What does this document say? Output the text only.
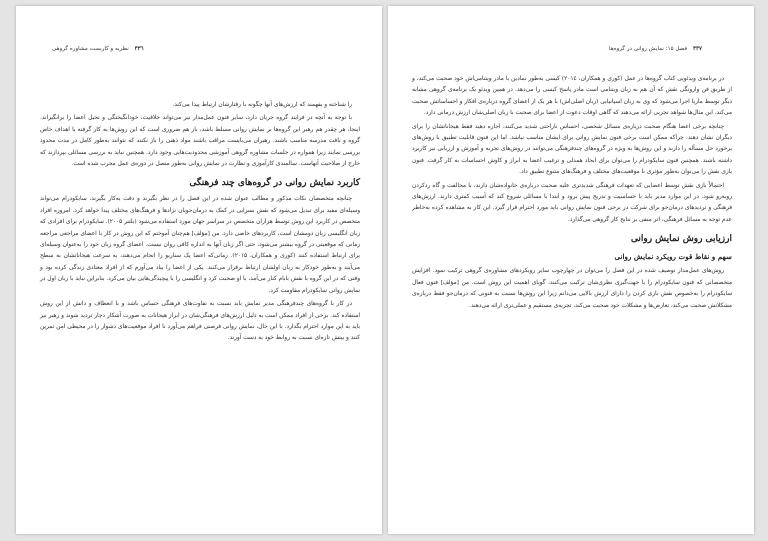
۳۳٦ نظریه و کاربست مشاوره گروهی

را شناخته و بفهمند که ارزش‌های آنها چگونه با رفتارشان ارتباط پیدا می‌کند.

با توجه به آنچه در فرایند گروه جریان دارد، سایر فنون عمل‌مدار نیز می‌تواند خلاقیت، خودانگیختگی و تخیل اعضا را برانگیزاند. اینجا، هر چقدر هم رهبر این گروه‌ها بر نمایش روانی مسلط باشد، باز هم ضروری است که این روش‌ها به کار گرفته یا اهداف خاص گروه و بافت مدرسه مناسب باشند. رهبران می‌بایست مراقب باشند مواد ذهنی را باز نکنند که نتوانند به‌طور کامل در مدت محدود بررسی نمایند زیرا همواره در جلسات مشاوره گروهی آموزشی محدودیت‌هایی وجود دارد. همچنین نباید به بررسی مسائلی بپردازند که خارج از صلاحیت آنهاست. سالمندی کارآموزی و نظارت در نمایش روانی به‌طور متصل در دوره‌ی عمل مجرب شده است.

کاربرد نمایش روانی در گروه‌های چند فرهنگی

چنانچه متخصصان نکات مذکور و مطالب عنوان شده در این فصل را در نظر بگیرند و دقت به‌کار بگیرند، سایکودرام می‌تواند وسیله‌ای مفید برای تبدیل می‌شود که نقش بسزایی در کمک به درمان‌جویان نژادها و فرهنگ‌های مختلف پیدا خواهد کرد. امروزه افراد متخصص در کاربرد این روش توسط هزاران متخصص در سراسر جهان مورد استفاده می‌شود (بلتنر ۲۰۰۵). سایکودرام برای افرادی که زبان انگلیسی زبان دومشان است، کاربردهای خاصی دارد. من [مؤلف] هم‌چنان آموختم که این روش در کار با اعضای مراجعی مراجعه زمانی که موقعیتی در گروه بیشتر می‌شود، حتی اگر زبان آنها به اندازه کافی روان نیست. اعضای گروه زبان خود را به‌عنوان وسیله‌ای برای ارتباط استفاده کنند (کوری و همکاران، ۲۰۱۵). زمانی‌که اعضا یک سناریو را انجام می‌دهند، به سرعت هیجاناتشان به سطح می‌آیند و به‌طور خودکار به زبان اولشان ارتباط برقرار می‌کنند. یکی از اعضا را بیاد می‌آورم که از افراد معتادی زندگی کرده بود و وقتی که در این گروه با نقش بابام کنار می‌آمد، با او صحبت کرد و انگلیسی را با پیچیدگی‌هایی بیان می‌کرد. بنابراین نباید با زبان اول در نمایش روانی سایکودرام مقاومت کرد.

در کار با گروه‌های چندفرهنگی مدیر نمایش باید نسبت به تفاوت‌های فرهنگی حساس باشد و با انعطاف و دانش از این روش استفاده کند. برخی از افراد ممکن است به دلیل ارزش‌های فرهنگی‌شان در ابراز هیجانات به صورت آشکار دچار تردید شوند و رهبر نیز باید به این موارد احترام بگذارد. با این حال، نمایش روانی فرصتی فراهم می‌آورد تا افراد موقعیت‌های دشوار را در محیطی امن تمرین کنند و بینش تازه‌ای نسبت به روابط خود به دست آورند.

۳۳۷ فصل ۱۵: نمایش روانی در گروه‌ها

در برنامه‌ی ویدئویی کتاب گروه‌ها در عمل (کوری و همکاران، ۲۰۱٤) کیسی به‌طور نمادین با مادر ویتنامی‌اش خود صحبت می‌کند، و از طریق فن وارونگی نقش که آن هم به زبان ویتنامی است مادر پاسخ کیسی را می‌دهد. در همین ویدئو یک برنامه‌ی گروهی مشابه دیگر توسط ماریا اجرا می‌شود که وی به زبان اسپانیایی (زبان اصلی‌اش) با هر یک از اعضای گروه درباره‌ی افکار و احساساتش صحبت می‌کند. این مثال‌ها شواهد تجربی ارائه می‌دهند که گاهی اوقات دعوت از اعضا برای صحبت با زبان اصلی‌شان ارزش درمانی دارد.

چنانچه برخی اعضا هنگام صحبت درباره‌ی مسائل شخصی، احساس ناراحتی شدید می‌کنند، اجازه دهید فقط هیجاناتشان را برای دیگران نشان دهند. چراکه ممکن است برخی فنون نمایش روانی برای ایشان مناسب نباشد. اما این فنون قابلیت تطبیق با روش‌های برخورد حل مسأله را دارند و این روش‌ها به ویژه در گروه‌های چندفرهنگی می‌توانند در روش‌های تجربه و آموزش و ارزیابی نیز کاربرد داشته باشند. همچنین فنون سایکودرام را می‌توان برای ایجاد همدلی و ترغیب اعضا به ابراز و کاوش احساسات به کار گرفت. فنون بازی نقش را می‌توان به‌طور مؤثری با موقعیت‌های مختلف و فرهنگ‌های متنوع تطبیق داد.

احتمالاً بازی نقش توسط اعضایی که تعهدات فرهنگی شدیدتری علیه صحبت درباره‌ی خانواده‌شان دارند، با مخالفت و گاه ردکردن روبه‌رو شود. در این موارد مدیر باید با حساسیت و تدریج پیش برود و ابتدا با مسائلی شروع کند که آسیب کمتری دارند. ارزش‌های فرهنگی و تردیدهای درمان‌جو برای شرکت در برخی فنون نمایش روانی باید مورد احترام قرار گیرد. این کار به مشاهده کرده به‌خاطر عدم توجه به مسائل فرهنگی، اثر منفی بر نتایج کار گروهی می‌گذارد.

ارزیابی روش نمایش روانی
سهم و نقاط قوت رویکرد نمایش روانی

روش‌های عمل‌مدار توصیف شده در این فصل را می‌توان در چهارچوب سایر رویکردهای مشاوره‌ی گروهی ترکیب نمود. افزایش متخصصانی که فنون سایکودرام را با جهت‌گیری نظری‌شان ترکیب می‌کنند، گویای اهمیت این روش است. من [مؤلف] فنون فعال سایکودرام را به‌خصوص نقش بازی کردن را دارای ارزش بالایی می‌دانم زیرا این روش‌ها نسبت به فنونی که درمان‌جو فقط درباره‌ی مشکلاتش صحبت می‌کند، تعارض‌ها و مشکلات خود صحبت می‌کند، تجربه‌ی مستقیم و عملی‌تری ارائه می‌دهند.
